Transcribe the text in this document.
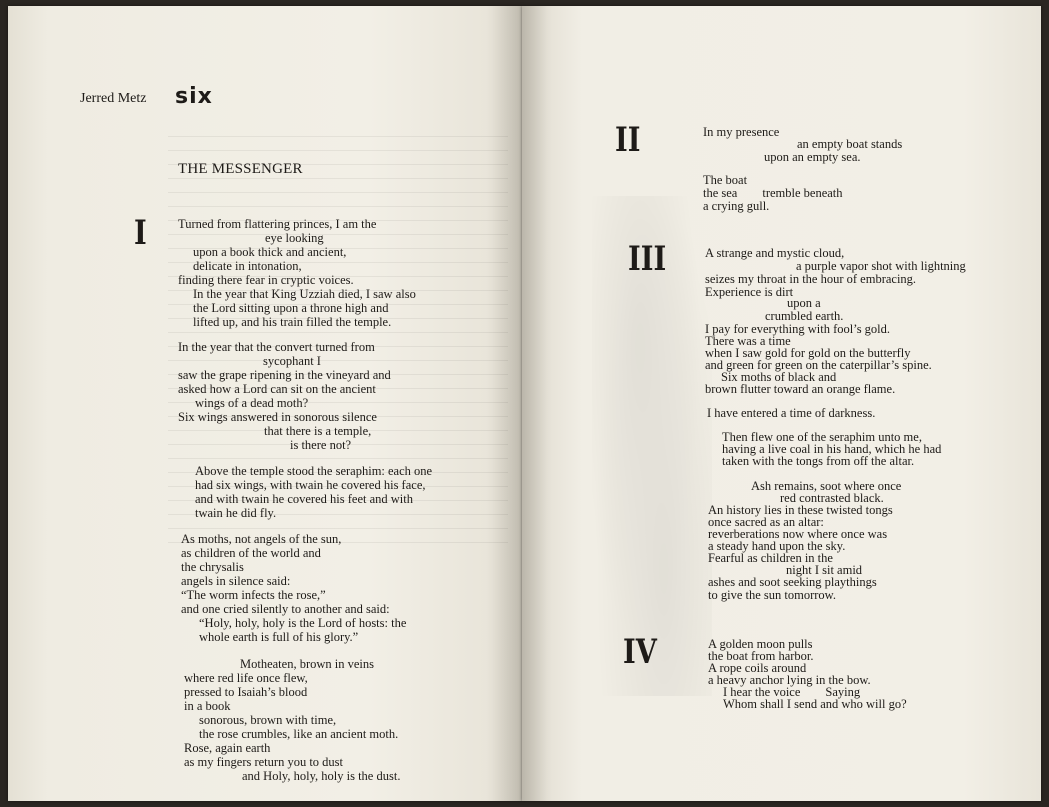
Jerred Metz six
THE MESSENGER
I	Turned from flattering princes, I am the
eye looking
upon a book thick and ancient,
delicate in intonation,
finding there fear in cryptic voices.
In the year that King Uzziah died, I saw also
the Lord sitting upon a throne high and
lifted up, and his train filled the temple.
In the year that the convert turned from
sycophant I
saw the grape ripening in the vineyard and
asked how a Lord can sit on the ancient
wings of a dead moth?
Six wings answered in sonorous silence
that there is a temple,
is there not?
Above the temple stood the seraphim: each one
had six wings, with twain he covered his face,
and with twain he covered his feet and with
twain he did fly.
As moths, not angels of the sun,
as children of the world and
the chrysalis
angels in silence said:
“The worm infects the rose,”
and one cried silently to another and said:
“Holy, holy, holy is the Lord of hosts: the
whole earth is full of his glory.”
Motheaten, brown in veins
where red life once flew,
pressed to Isaiah’s blood
in a book
sonorous, brown with time,
the rose crumbles, like an ancient moth.
Rose, again earth
as my fingers return you to dust
and Holy, holy, holy is the dust.
II	In my presence
an empty boat stands
upon an empty sea.
The boat
the sea        tremble beneath
a crying gull.
III	A strange and mystic cloud,
a purple vapor shot with lightning
seizes my throat in the hour of embracing.
Experience is dirt
upon a
crumbled earth.
I pay for everything with fool’s gold.
There was a time
when I saw gold for gold on the butterfly
and green for green on the caterpillar’s spine.
Six moths of black and
brown flutter toward an orange flame.
I have entered a time of darkness.
Then flew one of the seraphim unto me,
having a live coal in his hand, which he had
taken with the tongs from off the altar.
Ash remains, soot where once
red contrasted black.
An history lies in these twisted tongs
once sacred as an altar:
reverberations now where once was
a steady hand upon the sky.
Fearful as children in the
night I sit amid
ashes and soot seeking playthings
to give the sun tomorrow.
IV	A golden moon pulls
the boat from harbor.
A rope coils around
a heavy anchor lying in the bow.
I hear the voice        Saying
Whom shall I send and who will go?
